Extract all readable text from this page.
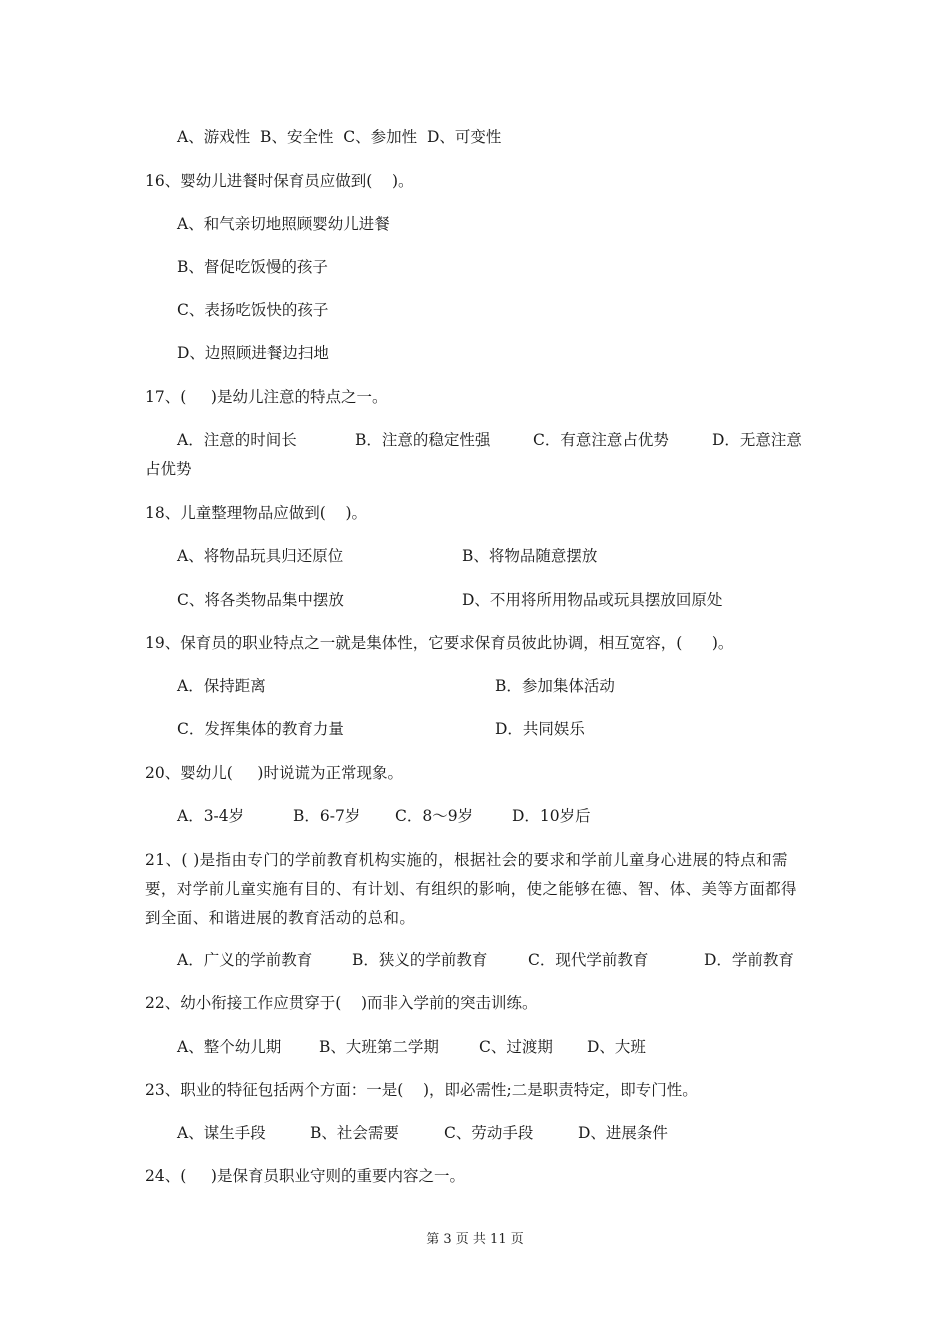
A、游戏性  B、安全性  C、参加性  D、可变性
16、婴幼儿进餐时保育员应做到(    )。
A、和气亲切地照顾婴幼儿进餐
B、督促吃饭慢的孩子
C、表扬吃饭快的孩子
D、边照顾进餐边扫地
17、(     )是幼儿注意的特点之一。
A．注意的时间长	B．注意的稳定性强	C．有意注意占优势	D．无意注意
占优势
18、儿童整理物品应做到(    )。
A、将物品玩具归还原位	B、将物品随意摆放
C、将各类物品集中摆放	D、不用将所用物品或玩具摆放回原处
19、保育员的职业特点之一就是集体性，它要求保育员彼此协调，相互宽容，(      )。
A．保持距离	B．参加集体活动
C．发挥集体的教育力量	D．共同娱乐
20、婴幼儿(     )时说谎为正常现象。
A．3-4岁	B．6-7岁 C．8～9岁	D．10岁后
21、( )是指由专门的学前教育机构实施的，根据社会的要求和学前儿童身心进展的特点和需要，对学前儿童实施有目的、有计划、有组织的影响，使之能够在德、智、体、美等方面都得到全面、和谐进展的教育活动的总和。
A．广义的学前教育	B．狭义的学前教育	C．现代学前教育	D．学前教育
22、幼小衔接工作应贯穿于(    )而非入学前的突击训练。
A、整个幼儿期 B、大班第二学期	C、过渡期 D、大班
23、职业的特征包括两个方面：一是(    )，即必需性;二是职责特定，即专门性。
A、谋生手段	B、社会需要	C、劳动手段	D、进展条件
24、(     )是保育员职业守则的重要内容之一。
第 3 页 共 11 页
